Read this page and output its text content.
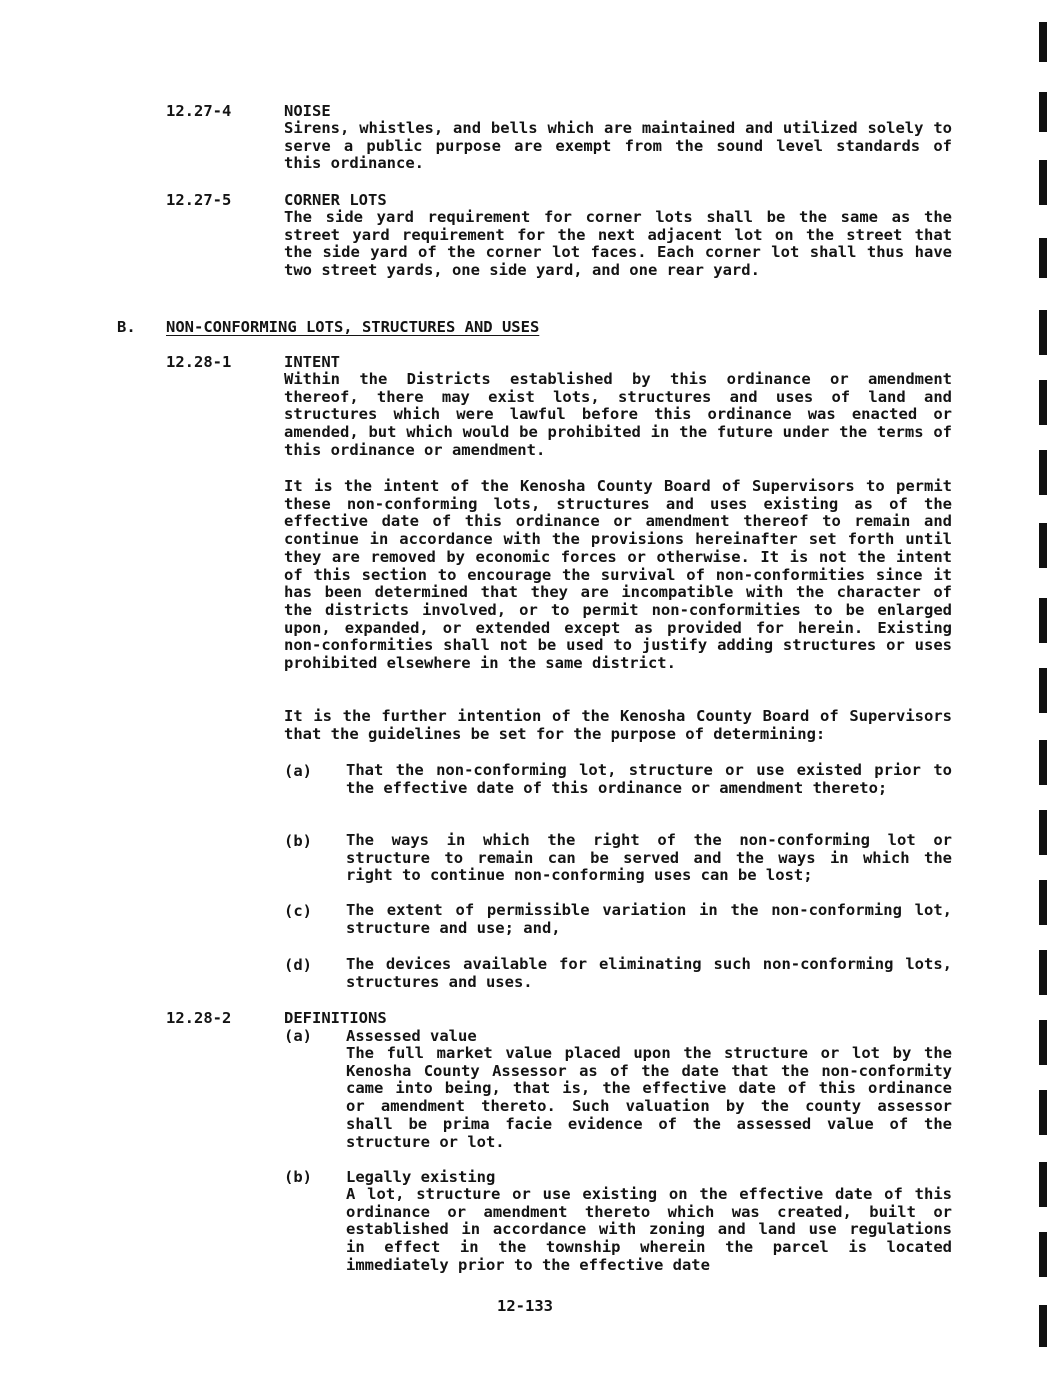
12.27-4	NOISE

Sirens, whistles, and bells which are maintained and utilized solely to serve a public purpose are exempt from the sound level standards of this ordinance.

12.27-5	CORNER LOTS

The side yard requirement for corner lots shall be the same as the street yard requirement for the next adjacent lot on the street that the side yard of the corner lot faces. Each corner lot shall thus have two street yards, one side yard, and one rear yard.

B. NON-CONFORMING LOTS, STRUCTURES AND USES
12.28-1	INTENT

Within the Districts established by this ordinance or amendment thereof, there may exist lots, structures and uses of land and structures which were lawful before this ordinance was enacted or amended, but which would be prohibited in the future under the terms of this ordinance or amendment.

It is the intent of the Kenosha County Board of Supervisors to permit these non-conforming lots, structures and uses existing as of the effective date of this ordinance or amendment thereof to remain and continue in accordance with the provisions hereinafter set forth until they are removed by economic forces or otherwise. It is not the intent of this section to encourage the survival of non-conformities since it has been determined that they are incompatible with the character of the districts involved, or to permit non-conformities to be enlarged upon, expanded, or extended except as provided for herein. Existing non-conformities shall not be used to justify adding structures or uses prohibited elsewhere in the same district.

It is the further intention of the Kenosha County Board of Supervisors that the guidelines be set for the purpose of determining:

(a) That the non-conforming lot, structure or use existed prior to the effective date of this ordinance or amendment thereto;

(b) The ways in which the right of the non-conforming lot or structure to remain can be served and the ways in which the right to continue non-conforming uses can be lost;

(c) The extent of permissible variation in the non-conforming lot, structure and use; and,

(d) The devices available for eliminating such non-conforming lots, structures and uses.

12.28-2	DEFINITIONS
(a) Assessed value

The full market value placed upon the structure or lot by the Kenosha County Assessor as of the date that the non-conformity came into being, that is, the effective date of this ordinance or amendment thereto. Such valuation by the county assessor shall be prima facie evidence of the assessed value of the structure or lot.

(b) Legally existing

A lot, structure or use existing on the effective date of this ordinance or amendment thereto which was created, built or established in accordance with zoning and land use regulations in effect in the township wherein the parcel is located immediately prior to the effective date

12-133
